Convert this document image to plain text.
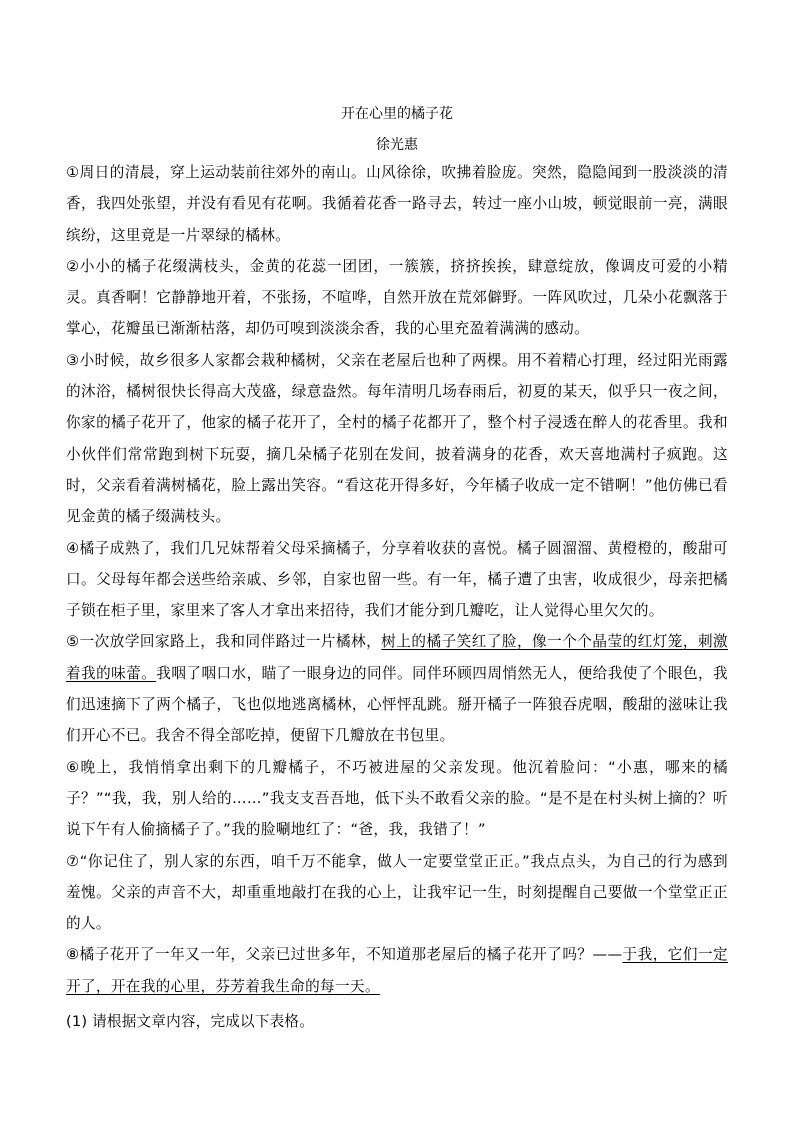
开在心里的橘子花
徐光惠

①周日的清晨，穿上运动装前往郊外的南山。山风徐徐，吹拂着脸庞。突然，隐隐闻到一股淡淡的清香，我四处张望，并没有看见有花啊。我循着花香一路寻去，转过一座小山坡，顿觉眼前一亮，满眼缤纷，这里竟是一片翠绿的橘林。

②小小的橘子花缀满枝头，金黄的花蕊一团团，一簇簇，挤挤挨挨，肆意绽放，像调皮可爱的小精灵。真香啊！它静静地开着，不张扬，不喧哗，自然开放在荒郊僻野。一阵风吹过，几朵小花飘落于掌心，花瓣虽已渐渐枯落，却仍可嗅到淡淡余香，我的心里充盈着满满的感动。

③小时候，故乡很多人家都会栽种橘树，父亲在老屋后也种了两棵。用不着精心打理，经过阳光雨露的沐浴，橘树很快长得高大茂盛，绿意盎然。每年清明几场春雨后，初夏的某天，似乎只一夜之间，你家的橘子花开了，他家的橘子花开了，全村的橘子花都开了，整个村子浸透在醉人的花香里。我和小伙伴们常常跑到树下玩耍，摘几朵橘子花别在发间，披着满身的花香，欢天喜地满村子疯跑。这时，父亲看着满树橘花，脸上露出笑容。“看这花开得多好，今年橘子收成一定不错啊！”他仿佛已看见金黄的橘子缀满枝头。

④橘子成熟了，我们几兄妹帮着父母采摘橘子，分享着收获的喜悦。橘子圆溜溜、黄橙橙的，酸甜可口。父母每年都会送些给亲戚、乡邻，自家也留一些。有一年，橘子遭了虫害，收成很少，母亲把橘子锁在柜子里，家里来了客人才拿出来招待，我们才能分到几瓣吃，让人觉得心里欠欠的。

⑤一次放学回家路上，我和同伴路过一片橘林，树上的橘子笑红了脸，像一个个晶莹的红灯笼，刺激着我的味蕾。我咽了咽口水，瞄了一眼身边的同伴。同伴环顾四周悄然无人，便给我使了个眼色，我们迅速摘下了两个橘子，飞也似地逃离橘林，心怦怦乱跳。掰开橘子一阵狼吞虎咽，酸甜的滋味让我们开心不已。我舍不得全部吃掉，便留下几瓣放在书包里。

⑥晚上，我悄悄拿出剩下的几瓣橘子，不巧被进屋的父亲发现。他沉着脸问：“小惠，哪来的橘子？”“我，我，别人给的……”我支支吾吾地，低下头不敢看父亲的脸。“是不是在村头树上摘的？听说下午有人偷摘橘子了。”我的脸唰地红了：“爸，我，我错了！”

⑦“你记住了，别人家的东西，咱千万不能拿，做人一定要堂堂正正。”我点点头，为自己的行为感到羞愧。父亲的声音不大，却重重地敲打在我的心上，让我牢记一生，时刻提醒自己要做一个堂堂正正的人。

⑧橘子花开了一年又一年，父亲已过世多年，不知道那老屋后的橘子花开了吗？——于我，它们一定开了，开在我的心里，芬芳着我生命的每一天。

(1) 请根据文章内容，完成以下表格。
